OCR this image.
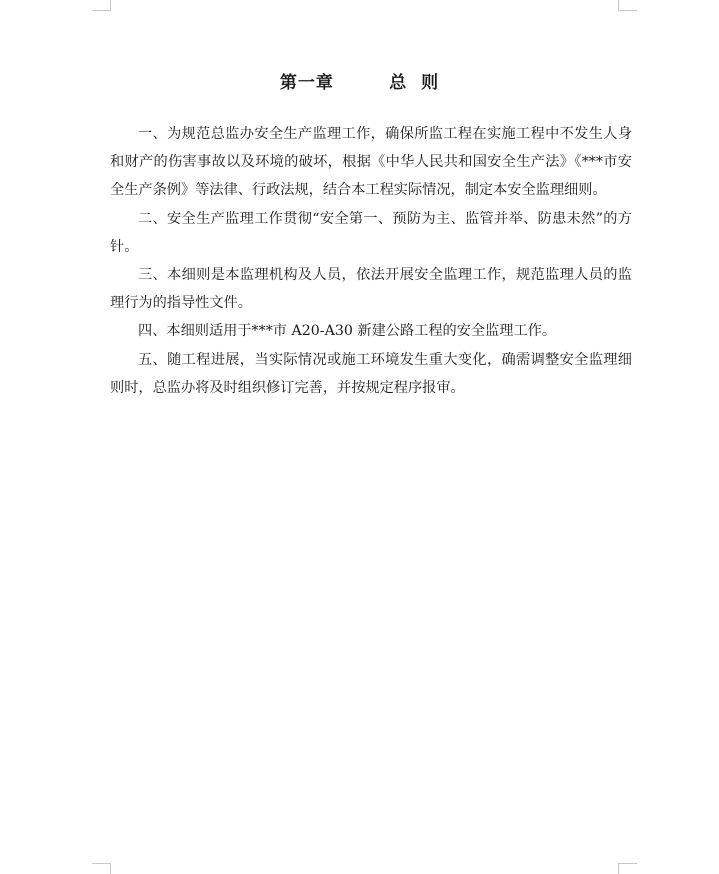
第一章        总  则

一、为规范总监办安全生产监理工作，确保所监工程在实施工程中不发生人身和财产的伤害事故以及环境的破坏，根据《中华人民共和国安全生产法》《***市安全生产条例》等法律、行政法规，结合本工程实际情况，制定本安全监理细则。

二、安全生产监理工作贯彻“安全第一、预防为主、监管并举、防患未然”的方针。

三、本细则是本监理机构及人员，依法开展安全监理工作，规范监理人员的监理行为的指导性文件。

四、本细则适用于***市 A20-A30 新建公路工程的安全监理工作。

五、随工程进展，当实际情况或施工环境发生重大变化，确需调整安全监理细则时，总监办将及时组织修订完善，并按规定程序报审。
